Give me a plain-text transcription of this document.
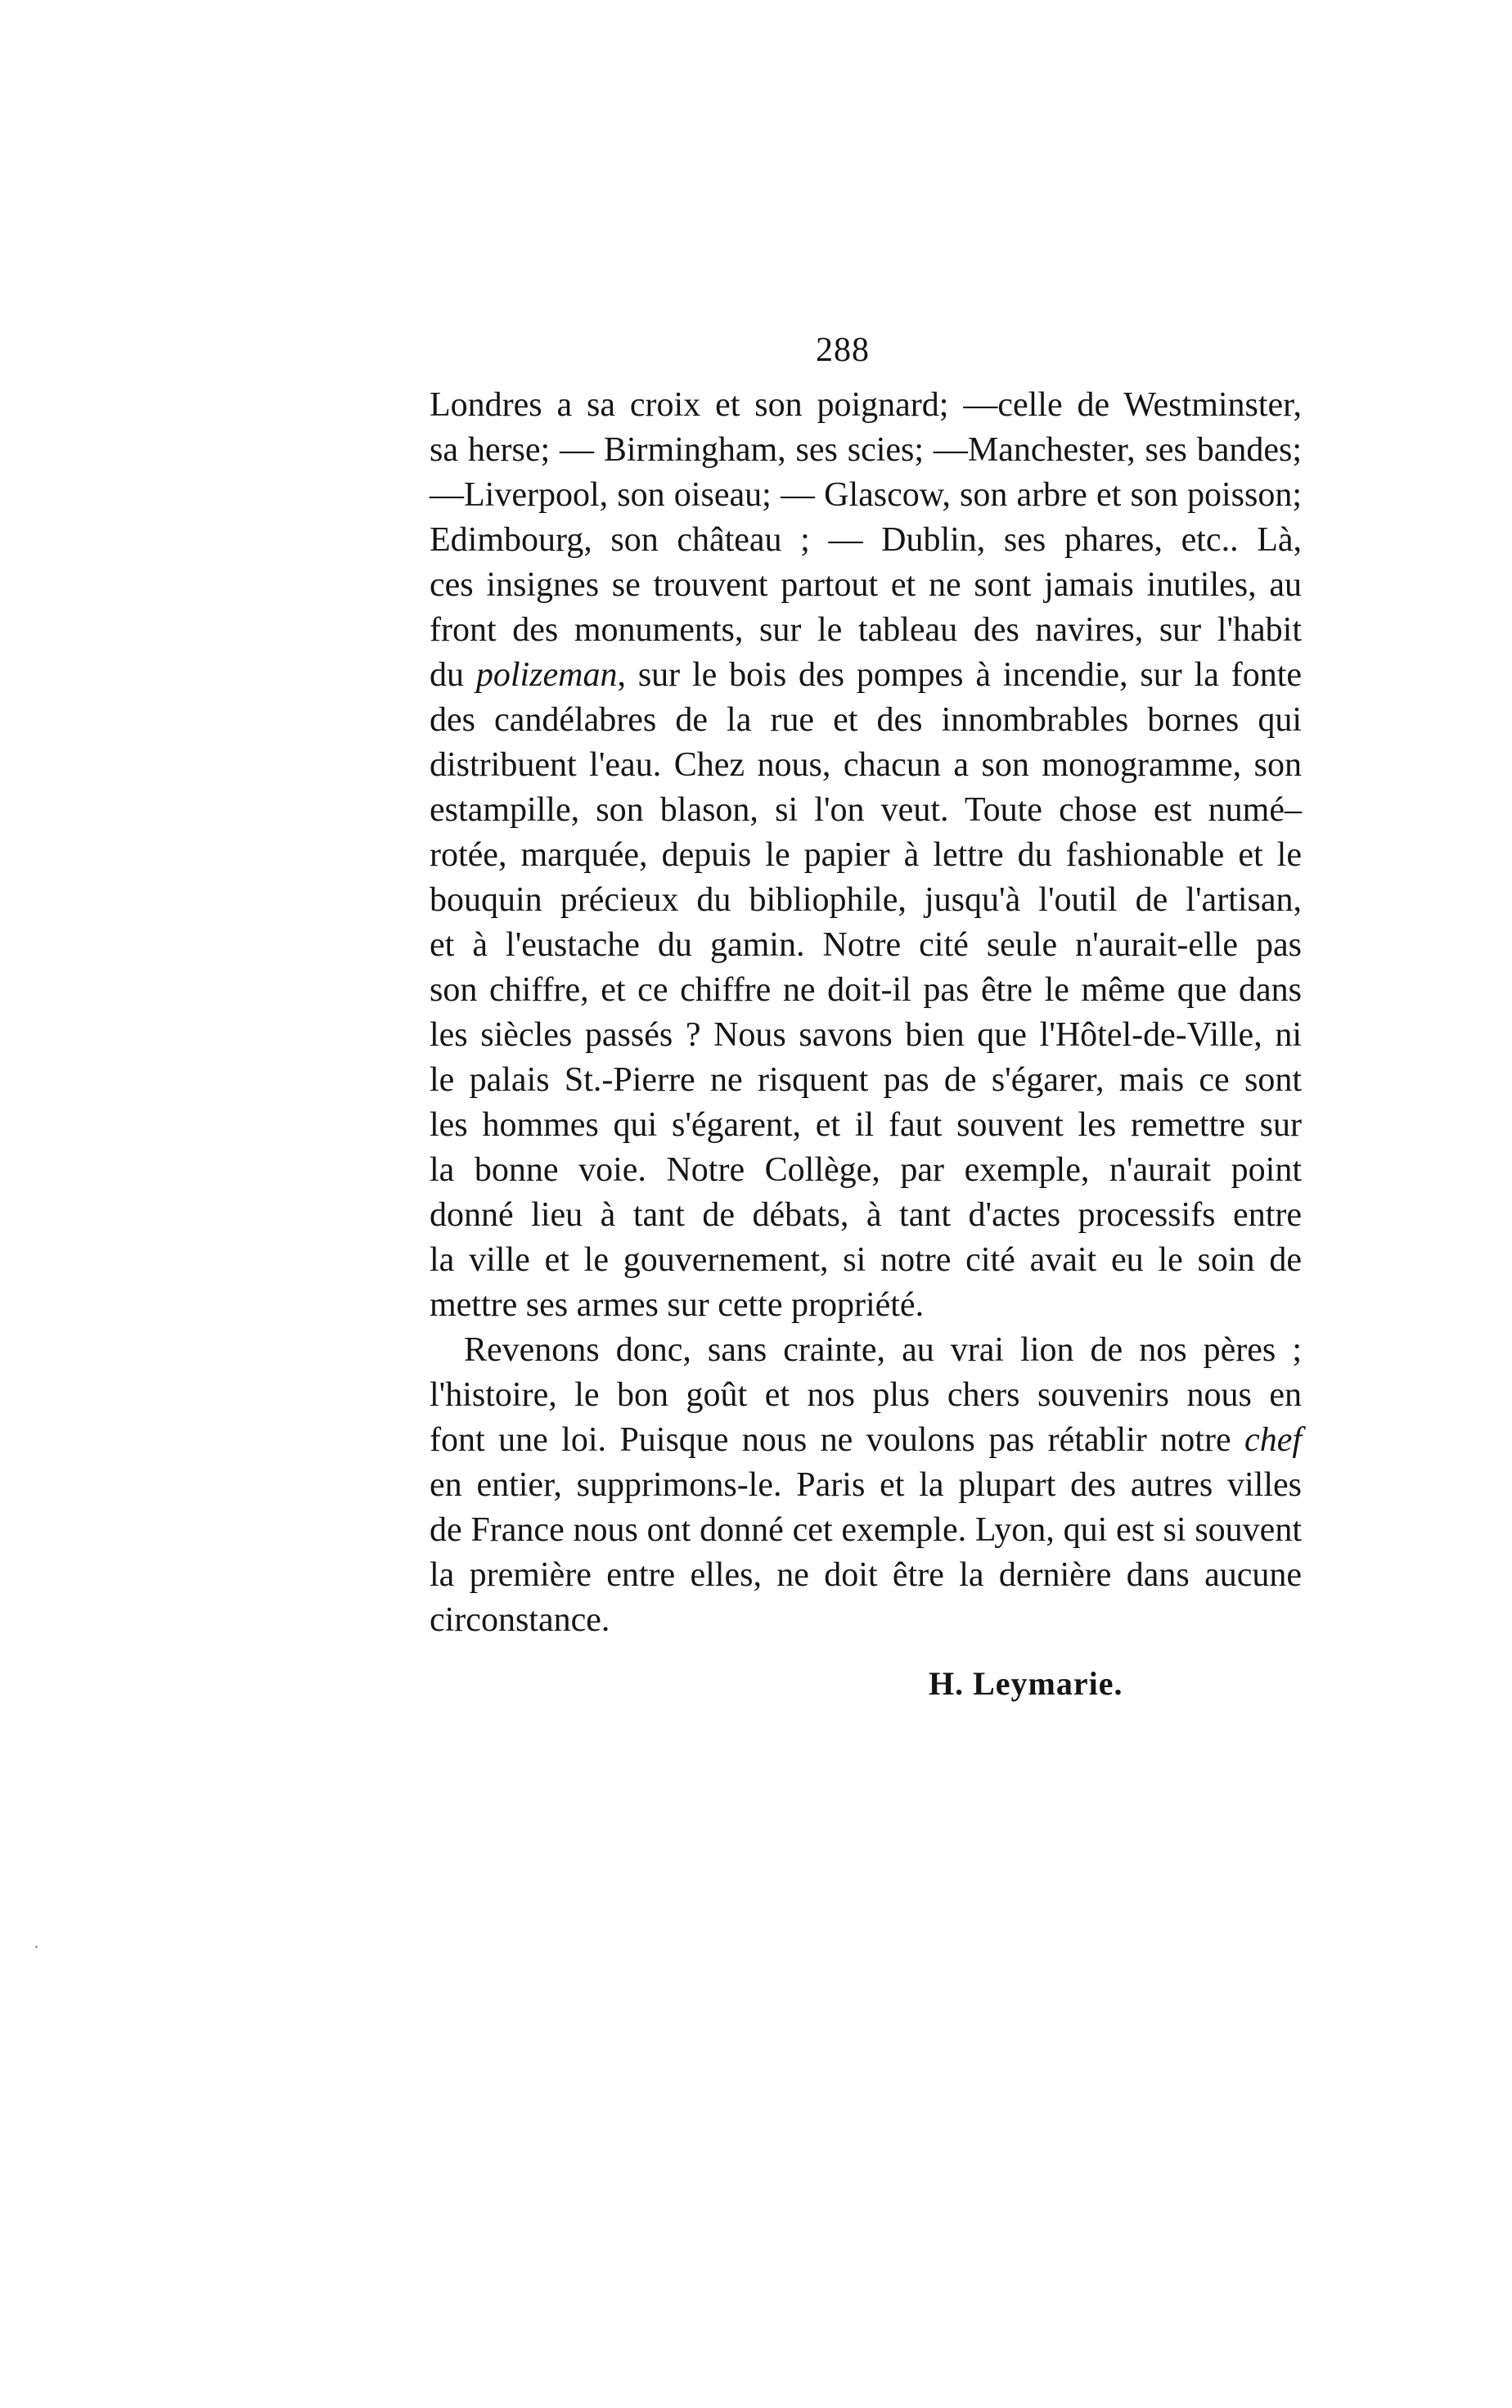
288
Londres a sa croix et son poignard; —celle de Westminster,
sa herse; — Birmingham, ses scies; —Manchester, ses bandes;
—Liverpool, son oiseau; — Glascow, son arbre et son poisson;
Edimbourg, son château ; — Dublin, ses phares, etc.. Là,
ces insignes se trouvent partout et ne sont jamais inutiles, au
front des monuments, sur le tableau des navires, sur l'habit
du polizeman, sur le bois des pompes à incendie, sur la fonte
des candélabres de la rue et des innombrables bornes qui
distribuent l'eau. Chez nous, chacun a son monogramme, son
estampille, son blason, si l'on veut. Toute chose est numé–
rotée, marquée, depuis le papier à lettre du fashionable et le
bouquin précieux du bibliophile, jusqu'à l'outil de l'artisan,
et à l'eustache du gamin. Notre cité seule n'aurait-elle pas
son chiffre, et ce chiffre ne doit-il pas être le même que dans
les siècles passés ? Nous savons bien que l'Hôtel-de-Ville, ni
le palais St.-Pierre ne risquent pas de s'égarer, mais ce sont
les hommes qui s'égarent, et il faut souvent les remettre sur
la bonne voie. Notre Collège, par exemple, n'aurait point
donné lieu à tant de débats, à tant d'actes processifs entre
la ville et le gouvernement, si notre cité avait eu le soin de
mettre ses armes sur cette propriété.
Revenons donc, sans crainte, au vrai lion de nos pères ;
l'histoire, le bon goût et nos plus chers souvenirs nous en
font une loi. Puisque nous ne voulons pas rétablir notre chef
en entier, supprimons-le. Paris et la plupart des autres villes
de France nous ont donné cet exemple. Lyon, qui est si souvent
la première entre elles, ne doit être la dernière dans aucune
circonstance.
H. Leymarie.
